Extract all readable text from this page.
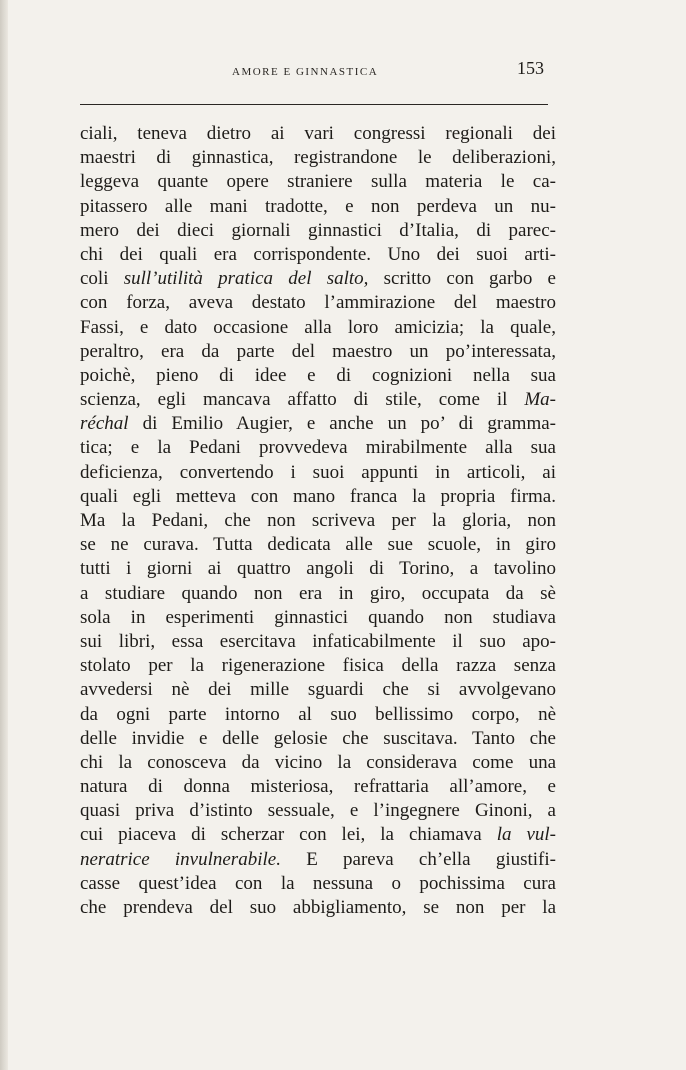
AMORE E GINNASTICA	153
ciali, teneva dietro ai vari congressi regionali dei
maestri di ginnastica, registrandone le deliberazioni,
leggeva quante opere straniere sulla materia le ca-
pitassero alle mani tradotte, e non perdeva un nu-
mero dei dieci giornali ginnastici d’Italia, di parec-
chi dei quali era corrispondente. Uno dei suoi arti-
coli sull’utilità pratica del salto, scritto con garbo e
con forza, aveva destato l’ammirazione del maestro
Fassi, e dato occasione alla loro amicizia; la quale,
peraltro, era da parte del maestro un po’interessata,
poichè, pieno di idee e di cognizioni nella sua
scienza, egli mancava affatto di stile, come il Ma-
réchal di Emilio Augier, e anche un po’ di gramma-
tica; e la Pedani provvedeva mirabilmente alla sua
deficienza, convertendo i suoi appunti in articoli, ai
quali egli metteva con mano franca la propria firma.
Ma la Pedani, che non scriveva per la gloria, non
se ne curava. Tutta dedicata alle sue scuole, in giro
tutti i giorni ai quattro angoli di Torino, a tavolino
a studiare quando non era in giro, occupata da sè
sola in esperimenti ginnastici quando non studiava
sui libri, essa esercitava infaticabilmente il suo apo-
stolato per la rigenerazione fisica della razza senza
avvedersi nè dei mille sguardi che si avvolgevano
da ogni parte intorno al suo bellissimo corpo, nè
delle invidie e delle gelosie che suscitava. Tanto che
chi la conosceva da vicino la considerava come una
natura di donna misteriosa, refrattaria all’amore, e
quasi priva d’istinto sessuale, e l’ingegnere Ginoni, a
cui piaceva di scherzar con lei, la chiamava la vul-
neratrice invulnerabile. E pareva ch’ella giustifi-
casse quest’idea con la nessuna o pochissima cura
che prendeva del suo abbigliamento, se non per la
